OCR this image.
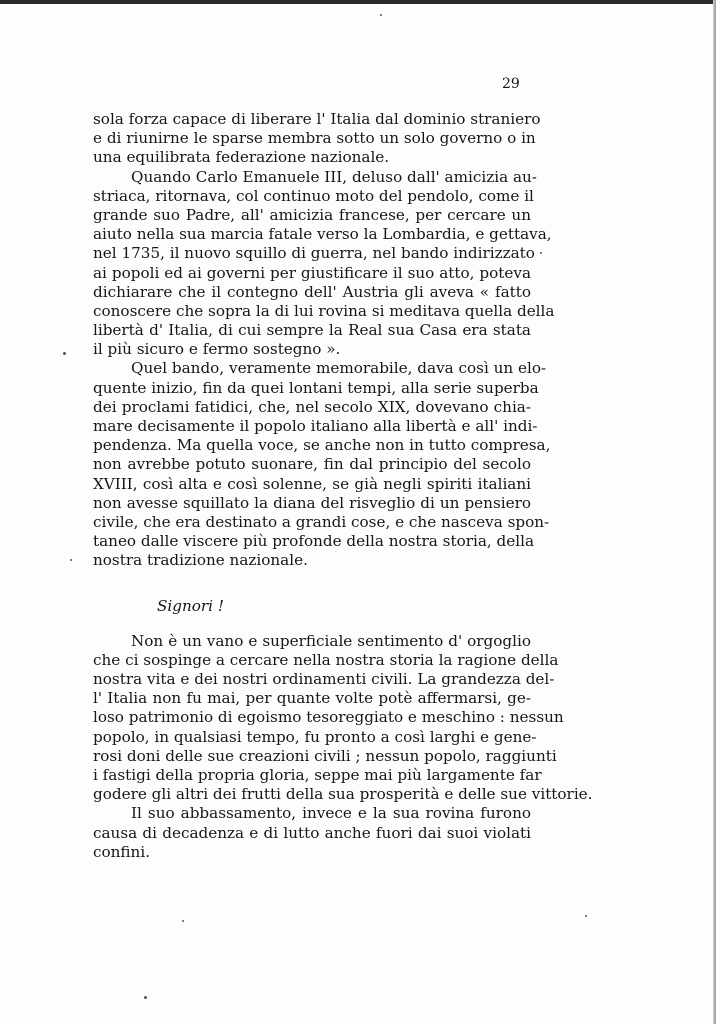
29
sola forza capace di liberare l' Italia dal dominio straniero
e di riunirne le sparse membra sotto un solo governo o in
una equilibrata federazione nazionale.
Quando Carlo Emanuele III, deluso dall' amicizia au-
striaca, ritornava, col continuo moto del pendolo, come il
grande suo Padre, all' amicizia francese, per cercare un
aiuto nella sua marcia fatale verso la Lombardia, e gettava,
nel 1735, il nuovo squillo di guerra, nel bando indirizzato
ai popoli ed ai governi per giustificare il suo atto, poteva
dichiarare che il contegno dell' Austria gli aveva « fatto
conoscere che sopra la di lui rovina si meditava quella della
libertà d' Italia, di cui sempre la Real sua Casa era stata
il più sicuro e fermo sostegno ».
Quel bando, veramente memorabile, dava così un elo-
quente inizio, fin da quei lontani tempi, alla serie superba
dei proclami fatidici, che, nel secolo XIX, dovevano chia-
mare decisamente il popolo italiano alla libertà e all' indi-
pendenza. Ma quella voce, se anche non in tutto compresa,
non avrebbe potuto suonare, fin dal principio del secolo
XVIII, così alta e così solenne, se già negli spiriti italiani
non avesse squillato la diana del risveglio di un pensiero
civile, che era destinato a grandi cose, e che nasceva spon-
taneo dalle viscere più profonde della nostra storia, della
nostra tradizione nazionale.
Signori !
Non è un vano e superficiale sentimento d' orgoglio
che ci sospinge a cercare nella nostra storia la ragione della
nostra vita e dei nostri ordinamenti civili. La grandezza del-
l' Italia non fu mai, per quante volte potè affermarsi, ge-
loso patrimonio di egoismo tesoreggiato e meschino : nessun
popolo, in qualsiasi tempo, fu pronto a così larghi e gene-
rosi doni delle sue creazioni civili ; nessun popolo, raggiunti
i fastigi della propria gloria, seppe mai più largamente far
godere gli altri dei frutti della sua prosperità e delle sue vittorie.
Il suo abbassamento, invece e la sua rovina furono
causa di decadenza e di lutto anche fuori dai suoi violati
confini.
